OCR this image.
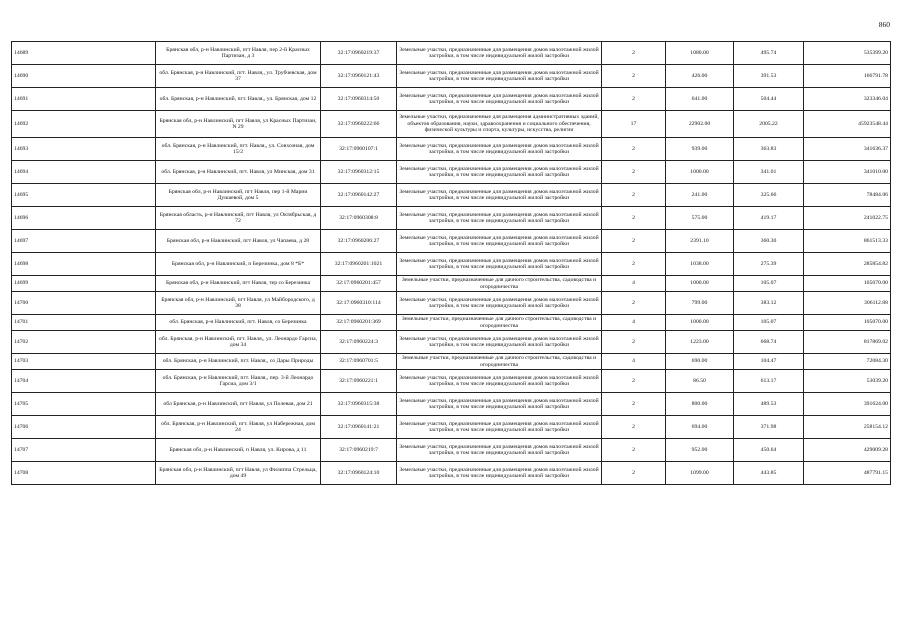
860
14689	Брянская обл, р-н Навлинский, пгт Навля, пер 2-й Красных Партизан, д 3	32:17:0960219:37	Земельные участки, предназначенные для размещения домов малоэтажной жилой застройки, в том числе индивидуальной жилой застройки	2	1080.00	495.74	535399.20
14690	обл. Брянская, р-н Навлинский, пгт. Навля,, ул. Трубчевская, дом 37	32:17:0960121:43	Земельные участки, предназначенные для размещения домов малоэтажной жилой застройки, в том числе индивидуальной жилой застройки	2	426.00	391.53	166791.78
14691	обл. Брянская, р-н Навлинский, пгт. Навля,, ул. Брянская, дом 12	32:17:0960314:50	Земельные участки, предназначенные для размещения домов малоэтажной жилой застройки, в том числе индивидуальной жилой застройки	2	641.00	504.44	323346.04
14692	Брянская обл, р-н Навлинский, пгт Навля, ул Красных Партизан, N 29	32:17:0960222:66	Земельные участки, предназначенные для размещения административных зданий, объектов образования, науки, здравоохранения и социального обеспечения, физической культуры и спорта, культуры, искусства, религии	17	22902.00	2005.22	45923548.44
14693	обл. Брянская, р-н Навлинский, пгт. Навля,, ул. Совхозная, дом 15/2	32:17:0960107:1	Земельные участки, предназначенные для размещения домов малоэтажной жилой застройки, в том числе индивидуальной жилой застройки	2	939.00	363.83	341636.37
14694	обл. Брянская, р-н Навлинский, пгт. Навля, ул Минская, дом 31	32:17:0960312:15	Земельные участки, предназначенные для размещения домов малоэтажной жилой застройки, в том числе индивидуальной жилой застройки	2	1000.00	341.01	341010.00
14695	Брянская обл, р-н Навлинский, пгт Навля, пер 1-й Марии Душаевой, дом 5	32:17:0960142:27	Земельные участки, предназначенные для размещения домов малоэтажной жилой застройки, в том числе индивидуальной жилой застройки	2	241.00	325.66	78484.06
14696	Брянская область, р-н Навлинский, пгт Навля, ул Октябрьская, д 72	32:17:0960308:8	Земельные участки, предназначенные для размещения домов малоэтажной жилой застройки, в том числе индивидуальной жилой застройки	2	575.00	419.17	241022.75
14697	Брянская обл, р-н Навлинский, пгт Навля, ул Чапаева, д 28	32:17:0960206:27	Земельные участки, предназначенные для размещения домов малоэтажной жилой застройки, в том числе индивидуальной жилой застройки	2	2391.10	360.30	861513.33
14698	Брянская обл, р-н Навлинский, п Березинка, дом 8 *Б*	32:17:0960201:1021	Земельные участки, предназначенные для размещения домов малоэтажной жилой застройки, в том числе индивидуальной жилой застройки	2	1038.00	275.39	285854.82
14699	Брянская обл, р-н Навлинский, пгт Навля, тер со Березинка	32:17:0960201:457	Земельные участки, предназначенные для дачного строительства, садоводства и огородничества	4	1000.00	105.07	105070.00
14700	Брянская обл, р-н Навлинский, пгт Навля, ул Майбородского, д 38	32:17:0960310:114	Земельные участки, предназначенные для размещения домов малоэтажной жилой застройки, в том числе индивидуальной жилой застройки	2	799.00	383.12	306112.88
14701	обл. Брянская, р-н Навлинский, пгт. Навля, со Березинка	32:17:0960201:369	Земельные участки, предназначенные для дачного строительства, садоводства и огородничества	4	1000.00	105.07	105070.00
14702	обл. Брянская, р-н Навлинский, пгт. Навля,, ул. Леонардо Гарсиа, дом 34	32:17:0960224:3	Земельные участки, предназначенные для размещения домов малоэтажной жилой застройки, в том числе индивидуальной жилой застройки	2	1223.00	668.74	817869.02
14703	обл. Брянская, р-н Навлинский, пгт. Навля,, со Дары Природы	32:17:0960701:5	Земельные участки, предназначенные для дачного строительства, садоводства и огородничества	4	690.00	104.47	72084.30
14704	обл. Брянская, р-н Навлинский, пгт. Навля,, пер. 3-й Леонардо Гарсиа, дом 3/1	32:17:0960221:1	Земельные участки, предназначенные для размещения домов малоэтажной жилой застройки, в том числе индивидуальной жилой застройки	2	86.50	613.17	53039.20
14705	обл Брянская, р-н Навлинский, пгт Навля, ул Полевая, дом 21	32:17:0960315:38	Земельные участки, предназначенные для размещения домов малоэтажной жилой застройки, в том числе индивидуальной жилой застройки	2	800.00	489.53	391624.00
14706	обл. Брянская, р-н Навлинский, пгт. Навля, ул Набережная, дом 24	32:17:0960141:21	Земельные участки, предназначенные для размещения домов малоэтажной жилой застройки, в том числе индивидуальной жилой застройки	2	694.00	371.98	258154.12
14707	Брянская обл, р-н Навлинский, п Навля, ул. Кирова, д 11	32:17:0960219:7	Земельные участки, предназначенные для размещения домов малоэтажной жилой застройки, в том числе индивидуальной жилой застройки	2	952.00	450.64	429009.28
14708	Брянская обл, р-н Навлинский, пгт Навля, ул Филиппа Стрельца, дом 49	32:17:0960124:10	Земельные участки, предназначенные для размещения домов малоэтажной жилой застройки, в том числе индивидуальной жилой застройки	2	1099.00	443.85	487791.15
